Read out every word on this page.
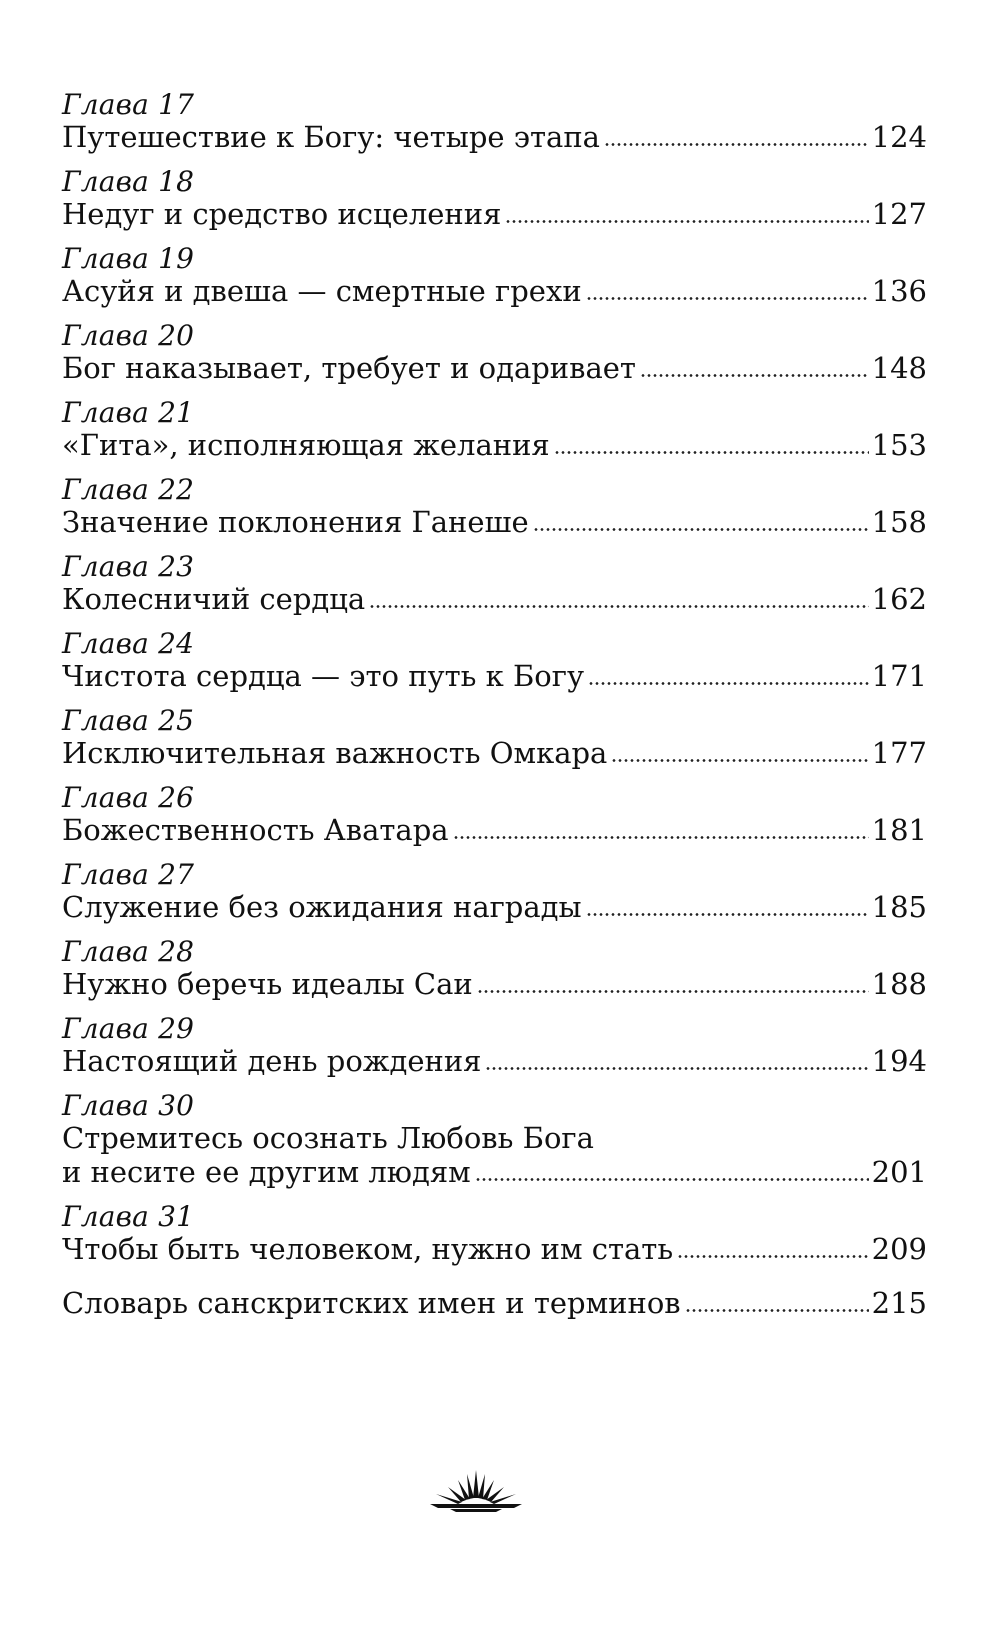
Глава 17
Путешествие к Богу: четыре этапа	124
Глава 18
Недуг и средство исцеления	127
Глава 19
Асуйя и двеша — смертные грехи	136
Глава 20
Бог наказывает, требует и одаривает	148
Глава 21
«Гита», исполняющая желания	153
Глава 22
Значение поклонения Ганеше	158
Глава 23
Колесничий сердца	162
Глава 24
Чистота сердца — это путь к Богу	171
Глава 25
Исключительная важность Омкара	177
Глава 26
Божественность Аватара	181
Глава 27
Служение без ожидания награды	185
Глава 28
Нужно беречь идеалы Саи	188
Глава 29
Настоящий день рождения	194
Глава 30
Стремитесь осознать Любовь Бога
и несите ее другим людям	201
Глава 31
Чтобы быть человеком, нужно им стать	209
Словарь санскритских имен и терминов	215
